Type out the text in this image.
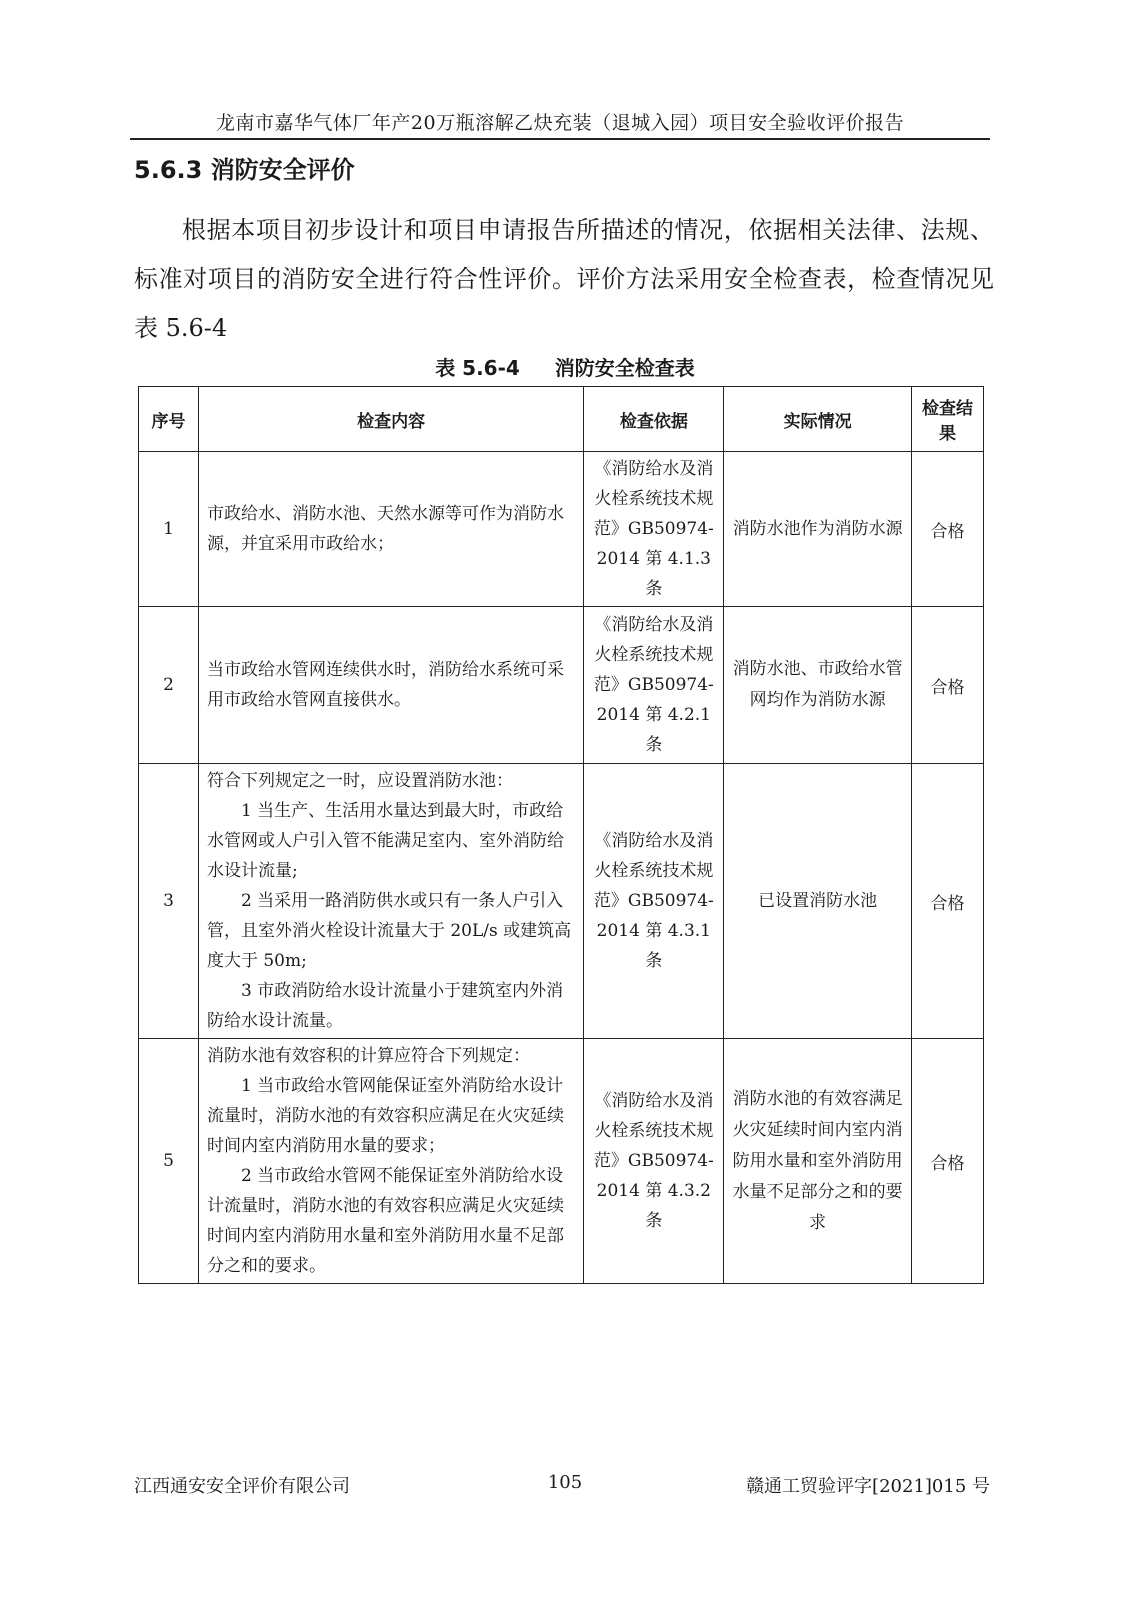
龙南市嘉华气体厂年产20万瓶溶解乙炔充装（退城入园）项目安全验收评价报告
5.6.3 消防安全评价

根据本项目初步设计和项目申请报告所描述的情况，依据相关法律、法规、标准对项目的消防安全进行符合性评价。评价方法采用安全检查表，检查情况见表 5.6-4

表 5.6-4 消防安全检查表
序号	检查内容	检查依据	实际情况	检查结果
1	市政给水、消防水池、天然水源等可作为消防水源，并宜采用市政给水；	《消防给水及消火栓系统技术规范》GB50974-2014 第 4.1.3 条	消防水池作为消防水源	合格
2	当市政给水管网连续供水时，消防给水系统可采用市政给水管网直接供水。	《消防给水及消火栓系统技术规范》GB50974-2014 第 4.2.1 条	消防水池、市政给水管网均作为消防水源	合格
3	符合下列规定之一时，应设置消防水池：
1 当生产、生活用水量达到最大时，市政给水管网或人户引入管不能满足室内、室外消防给水设计流量;
2 当采用一路消防供水或只有一条人户引入管，且室外消火栓设计流量大于 20L/s 或建筑高度大于 50m;
3 市政消防给水设计流量小于建筑室内外消防给水设计流量。	《消防给水及消火栓系统技术规范》GB50974-2014 第 4.3.1 条	已设置消防水池	合格
5	消防水池有效容积的计算应符合下列规定：
1 当市政给水管网能保证室外消防给水设计流量时，消防水池的有效容积应满足在火灾延续时间内室内消防用水量的要求；
2 当市政给水管网不能保证室外消防给水设计流量时，消防水池的有效容积应满足火灾延续时间内室内消防用水量和室外消防用水量不足部分之和的要求。	《消防给水及消火栓系统技术规范》GB50974-2014 第 4.3.2 条	消防水池的有效容满足火灾延续时间内室内消防用水量和室外消防用水量不足部分之和的要求	合格
江西通安安全评价有限公司	105	赣通工贸验评字[2021]015 号
